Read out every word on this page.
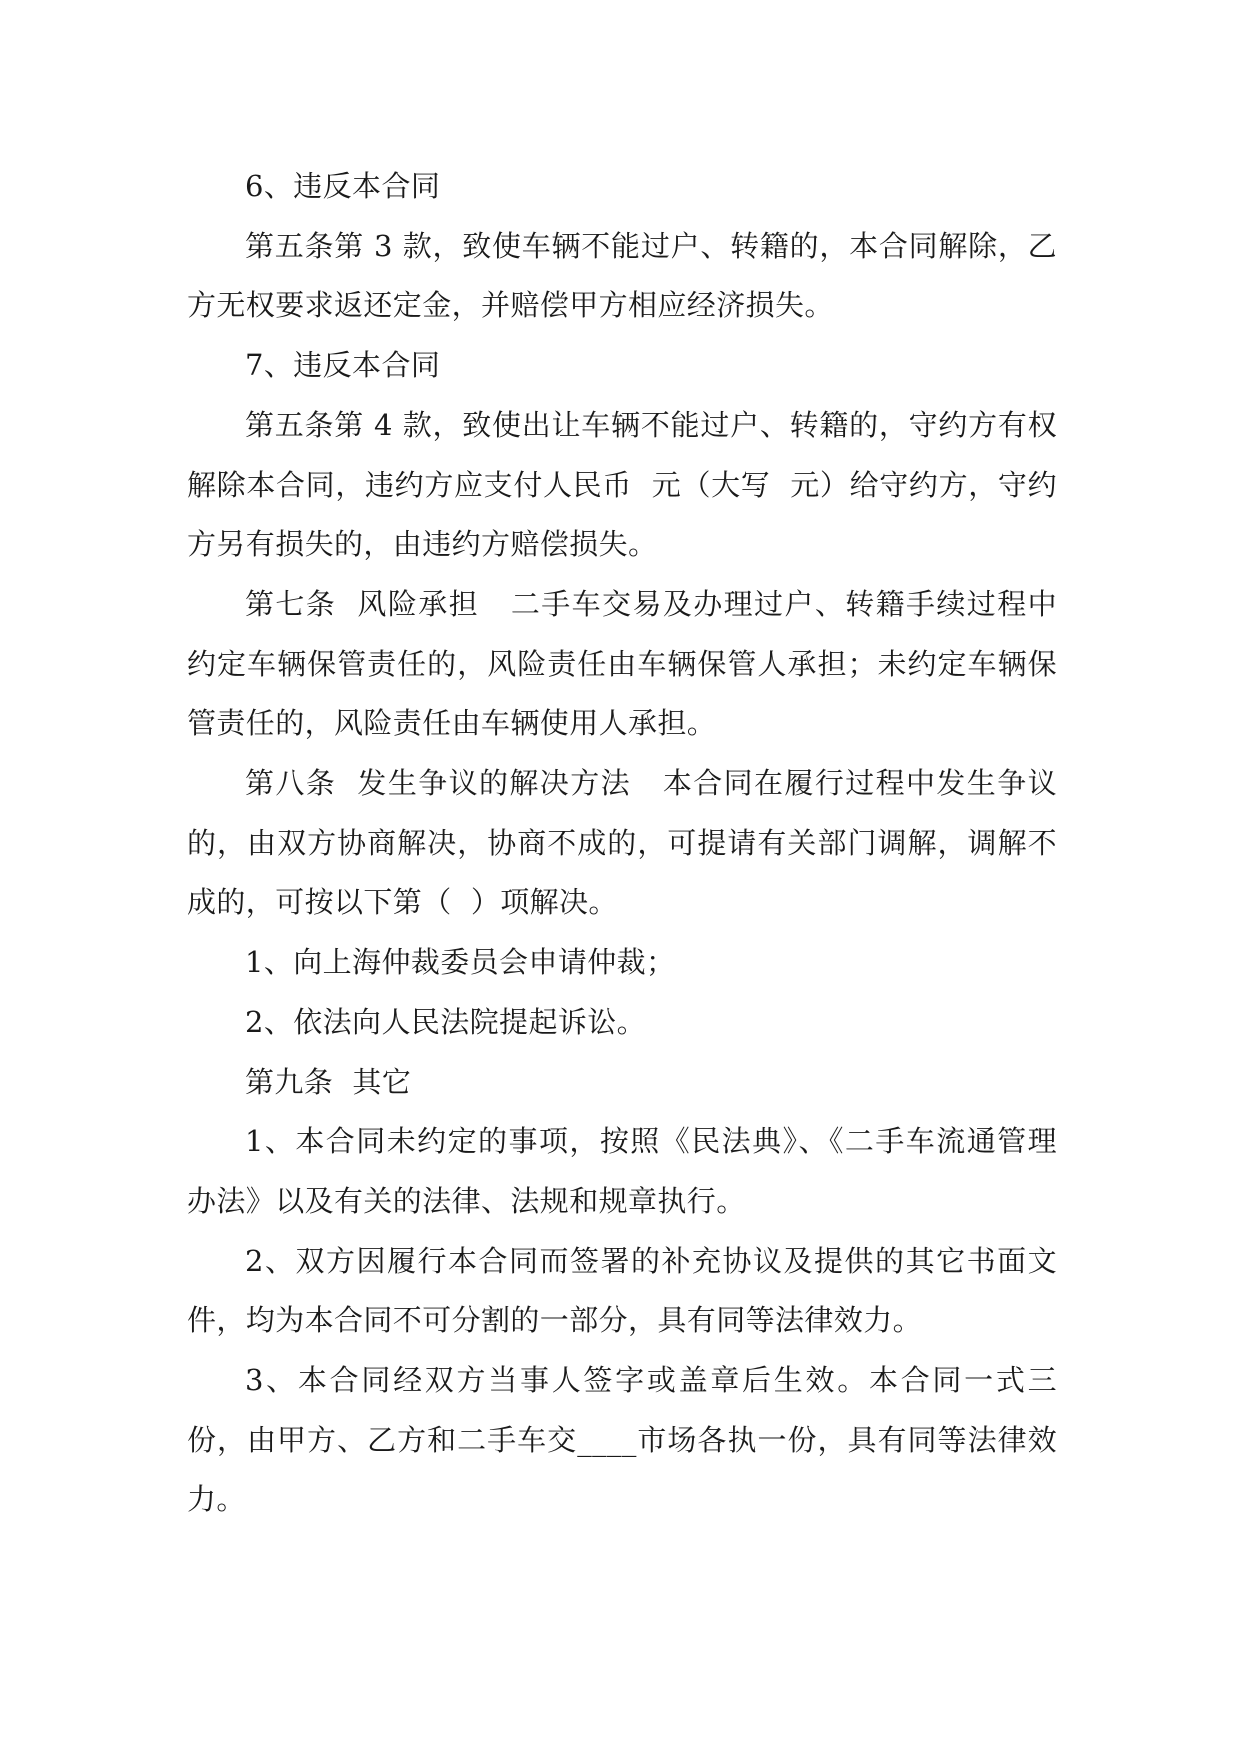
6、违反本合同

第五条第 3 款，致使车辆不能过户、转籍的，本合同解除，乙方无权要求返还定金，并赔偿甲方相应经济损失。

7、违反本合同

第五条第 4 款，致使出让车辆不能过户、转籍的，守约方有权解除本合同，违约方应支付人民币  元（大写  元）给守约方，守约方另有损失的，由违约方赔偿损失。

第七条  风险承担   二手车交易及办理过户、转籍手续过程中约定车辆保管责任的，风险责任由车辆保管人承担；未约定车辆保管责任的，风险责任由车辆使用人承担。

第八条  发生争议的解决方法   本合同在履行过程中发生争议的，由双方协商解决，协商不成的，可提请有关部门调解，调解不成的，可按以下第（  ）项解决。

1、向上海仲裁委员会申请仲裁；

2、依法向人民法院提起诉讼。

第九条  其它

1、本合同未约定的事项，按照《民法典》、《二手车流通管理办法》以及有关的法律、法规和规章执行。

2、双方因履行本合同而签署的补充协议及提供的其它书面文件，均为本合同不可分割的一部分，具有同等法律效力。

3、本合同经双方当事人签字或盖章后生效。本合同一式三份，由甲方、乙方和二手车交____市场各执一份，具有同等法律效力。
